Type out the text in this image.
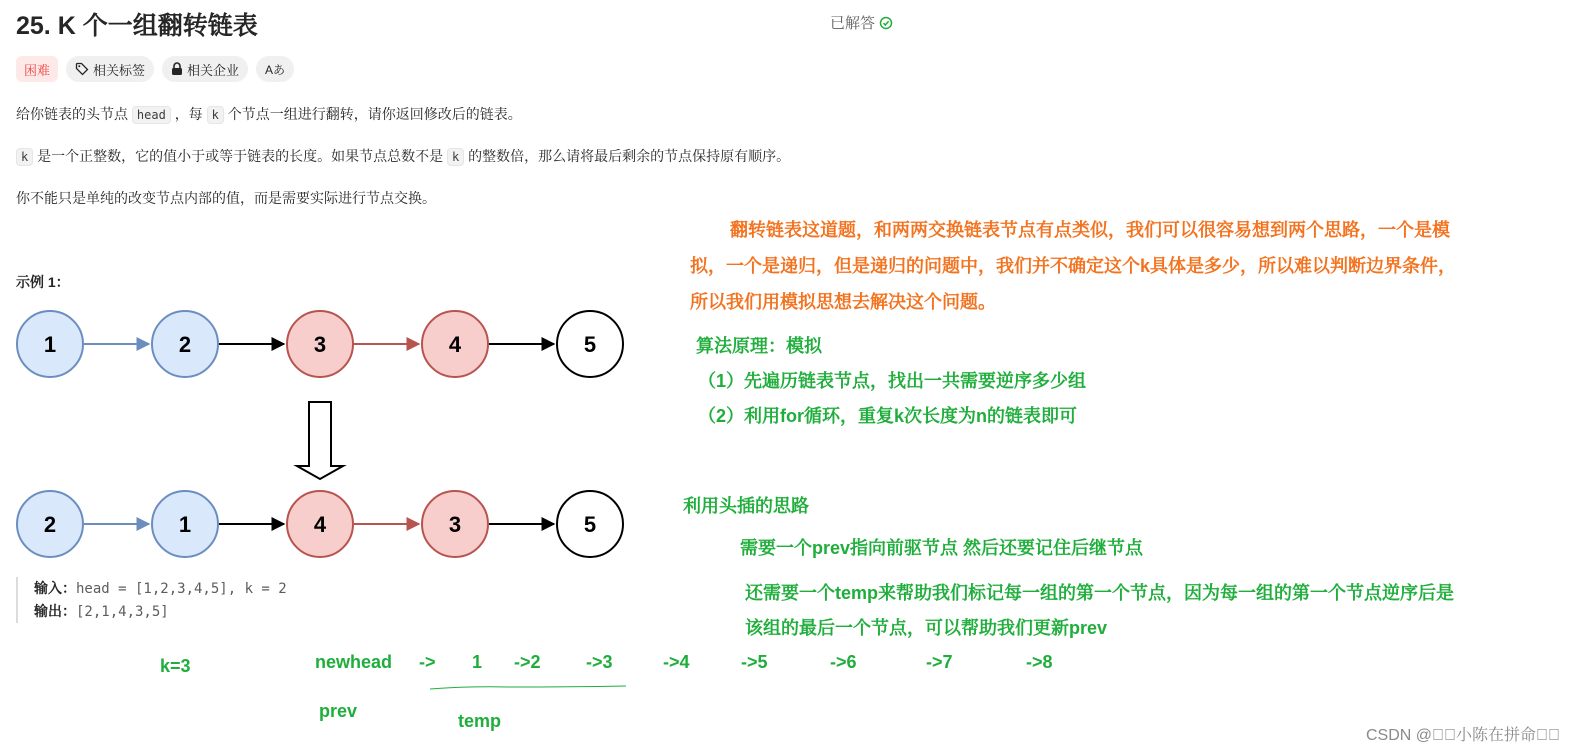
25. K 个一组翻转链表	已解答
困难	相关标签	相关企业 Aあ
给你链表的头节点 head ，每 k 个节点一组进行翻转，请你返回修改后的链表。
k 是一个正整数，它的值小于或等于链表的长度。如果节点总数不是 k 的整数倍，那么请将最后剩余的节点保持原有顺序。
你不能只是单纯的改变节点内部的值，而是需要实际进行节点交换。
示例 1：
1	2	3	4	5
2	1	4	3	5
输入：head = [1,2,3,4,5], k = 2
输出：[2,1,4,3,5]
翻转链表这道题，和两两交换链表节点有点类似，我们可以很容易想到两个思路，一个是模
拟，一个是递归，但是递归的问题中，我们并不确定这个k具体是多少，所以难以判断边界条件，
所以我们用模拟思想去解决这个问题。
算法原理：模拟
（1）先遍历链表节点，找出一共需要逆序多少组
（2）利用for循环，重复k次长度为n的链表即可
利用头插的思路
需要一个prev指向前驱节点 然后还要记住后继节点
还需要一个temp来帮助我们标记每一组的第一个节点，因为每一组的第一个节点逆序后是
该组的最后一个节点，可以帮助我们更新prev
k=3	newhead -> 1 ->2	->3	->4	->5	->6	->7	->8
prev	temp
CSDN @  小陈在拼命  
